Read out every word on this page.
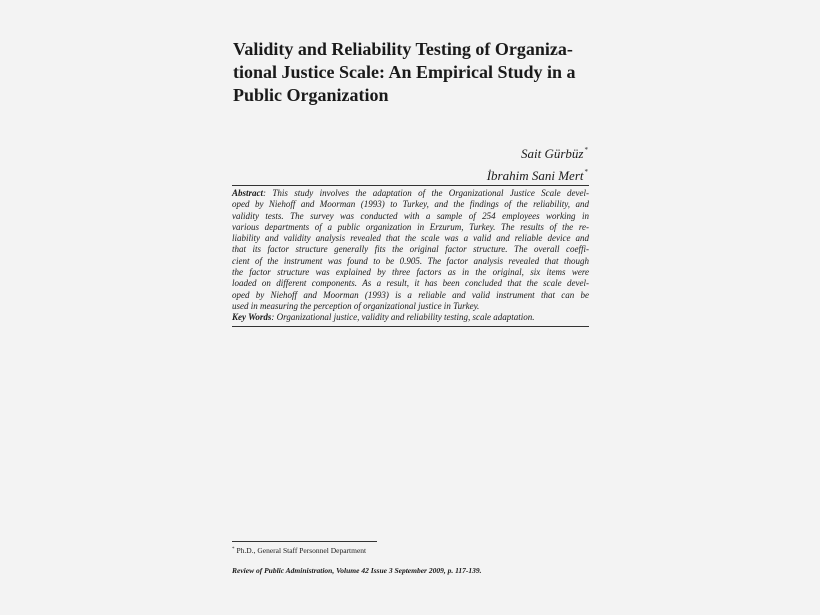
Validity and Reliability Testing of Organiza-
tional Justice Scale: An Empirical Study in a
Public Organization
Sait Gürbüz*
İbrahim Sani Mert*
Abstract: This study involves the adaptation of the Organizational Justice Scale devel-
oped by Niehoff and Moorman (1993) to Turkey, and the findings of the reliability, and
validity tests. The survey was conducted with a sample of 254 employees working in
various departments of a public organization in Erzurum, Turkey. The results of the re-
liability and validity analysis revealed that the scale was a valid and reliable device and
that its factor structure generally fits the original factor structure. The overall coeffi-
cient of the instrument was found to be 0.905. The factor analysis revealed that though
the factor structure was explained by three factors as in the original, six items were
loaded on different components. As a result, it has been concluded that the scale devel-
oped by Niehoff and Moorman (1993) is a reliable and valid instrument that can be
used in measuring the perception of organizational justice in Turkey.
Key Words: Organizational justice, validity and reliability testing, scale adaptation.
* Ph.D., General Staff Personnel Department
Review of Public Administration, Volume 42 Issue 3 September 2009, p. 117-139.
